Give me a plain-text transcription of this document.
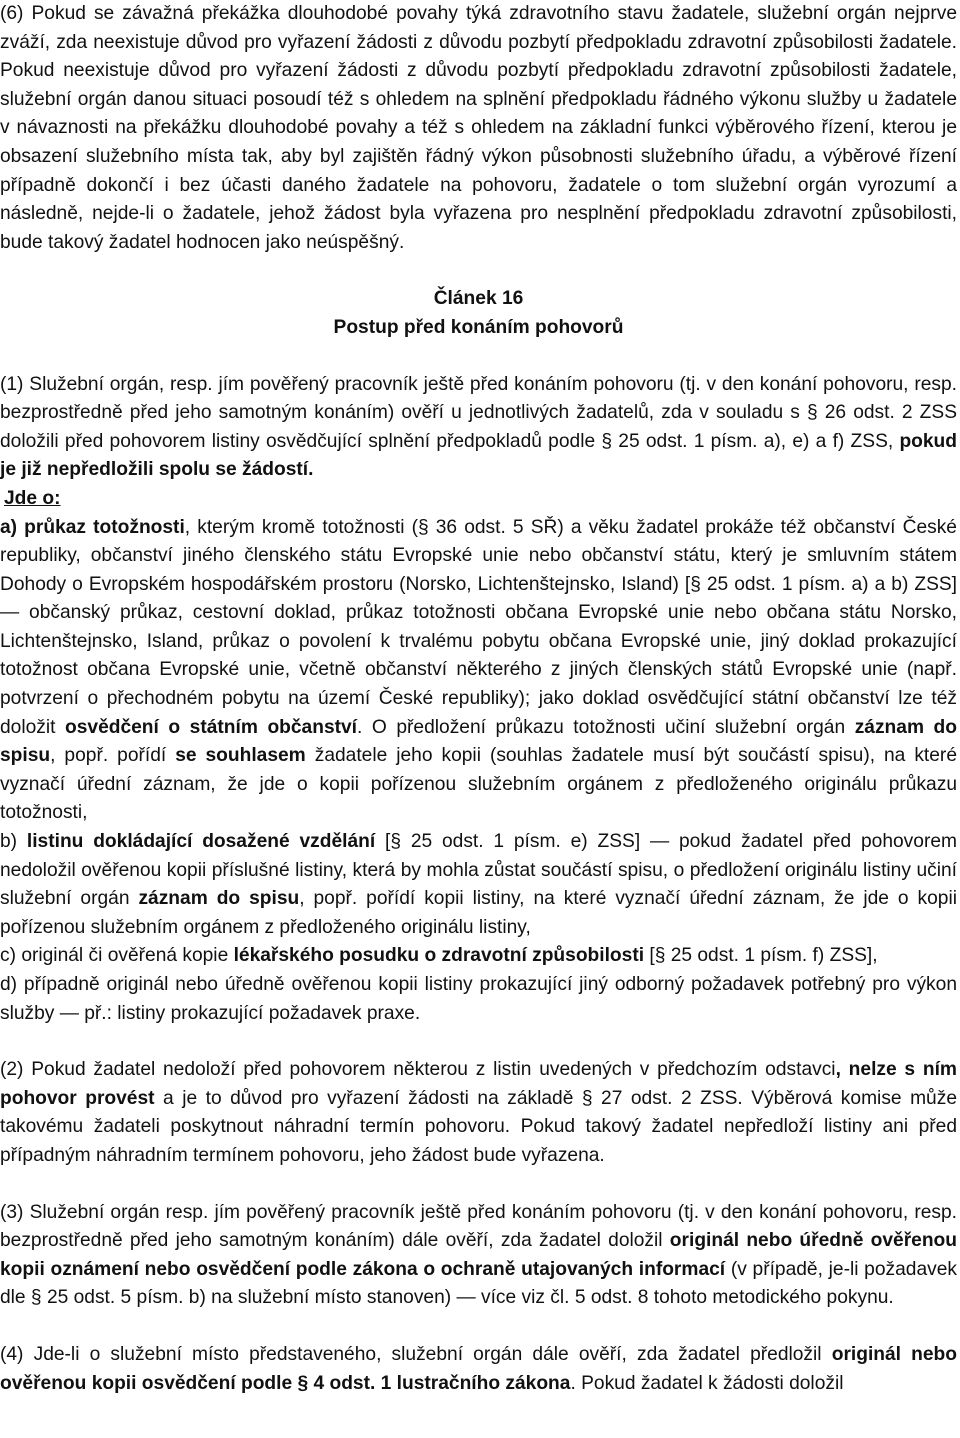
(6) Pokud se závažná překážka dlouhodobé povahy týká zdravotního stavu žadatele, služební orgán nejprve zváží, zda neexistuje důvod pro vyřazení žádosti z důvodu pozbytí předpokladu zdravotní způsobilosti žadatele. Pokud neexistuje důvod pro vyřazení žádosti z důvodu pozbytí předpokladu zdravotní způsobilosti žadatele, služební orgán danou situaci posoudí též s ohledem na splnění předpokladu řádného výkonu služby u žadatele v návaznosti na překážku dlouhodobé povahy a též s ohledem na základní funkci výběrového řízení, kterou je obsazení služebního místa tak, aby byl zajištěn řádný výkon působnosti služebního úřadu, a výběrové řízení případně dokončí i bez účasti daného žadatele na pohovoru, žadatele o tom služební orgán vyrozumí a následně, nejde-li o žadatele, jehož žádost byla vyřazena pro nesplnění předpokladu zdravotní způsobilosti, bude takový žadatel hodnocen jako neúspěšný.

Článek 16

Postup před konáním pohovorů

(1) Služební orgán, resp. jím pověřený pracovník ještě před konáním pohovoru (tj. v den konání pohovoru, resp. bezprostředně před jeho samotným konáním) ověří u jednotlivých žadatelů, zda v souladu s § 26 odst. 2 ZSS doložili před pohovorem listiny osvědčující splnění předpokladů podle § 25 odst. 1 písm. a), e) a f) ZSS, pokud je již nepředložili spolu se žádostí.

Jde o:

a) průkaz totožnosti, kterým kromě totožnosti (§ 36 odst. 5 SŘ) a věku žadatel prokáže též občanství České republiky, občanství jiného členského státu Evropské unie nebo občanství státu, který je smluvním státem Dohody o Evropském hospodářském prostoru (Norsko, Lichtenštejnsko, Island) [§ 25 odst. 1 písm. a) a b) ZSS] — občanský průkaz, cestovní doklad, průkaz totožnosti občana Evropské unie nebo občana státu Norsko, Lichtenštejnsko, Island, průkaz o povolení k trvalému pobytu občana Evropské unie, jiný doklad prokazující totožnost občana Evropské unie, včetně občanství některého z jiných členských států Evropské unie (např. potvrzení o přechodném pobytu na území České republiky); jako doklad osvědčující státní občanství lze též doložit osvědčení o státním občanství. O předložení průkazu totožnosti učiní služební orgán záznam do spisu, popř. pořídí se souhlasem žadatele jeho kopii (souhlas žadatele musí být součástí spisu), na které vyznačí úřední záznam, že jde o kopii pořízenou služebním orgánem z předloženého originálu průkazu totožnosti,

b) listinu dokládající dosažené vzdělání [§ 25 odst. 1 písm. e) ZSS] — pokud žadatel před pohovorem nedoložil ověřenou kopii příslušné listiny, která by mohla zůstat součástí spisu, o předložení originálu listiny učiní služební orgán záznam do spisu, popř. pořídí kopii listiny, na které vyznačí úřední záznam, že jde o kopii pořízenou služebním orgánem z předloženého originálu listiny,

c) originál či ověřená kopie lékařského posudku o zdravotní způsobilosti [§ 25 odst. 1 písm. f) ZSS],

d) případně originál nebo úředně ověřenou kopii listiny prokazující jiný odborný požadavek potřebný pro výkon služby — př.: listiny prokazující požadavek praxe.

(2) Pokud žadatel nedoloží před pohovorem některou z listin uvedených v předchozím odstavci, nelze s ním pohovor provést a je to důvod pro vyřazení žádosti na základě § 27 odst. 2 ZSS. Výběrová komise může takovému žadateli poskytnout náhradní termín pohovoru. Pokud takový žadatel nepředloží listiny ani před případným náhradním termínem pohovoru, jeho žádost bude vyřazena.

(3) Služební orgán resp. jím pověřený pracovník ještě před konáním pohovoru (tj. v den konání pohovoru, resp. bezprostředně před jeho samotným konáním) dále ověří, zda žadatel doložil originál nebo úředně ověřenou kopii oznámení nebo osvědčení podle zákona o ochraně utajovaných informací (v případě, je-li požadavek dle § 25 odst. 5 písm. b) na služební místo stanoven) — více viz čl. 5 odst. 8 tohoto metodického pokynu.

(4) Jde-li o služební místo představeného, služební orgán dále ověří, zda žadatel předložil originál nebo ověřenou kopii osvědčení podle § 4 odst. 1 lustračního zákona. Pokud žadatel k žádosti doložil
